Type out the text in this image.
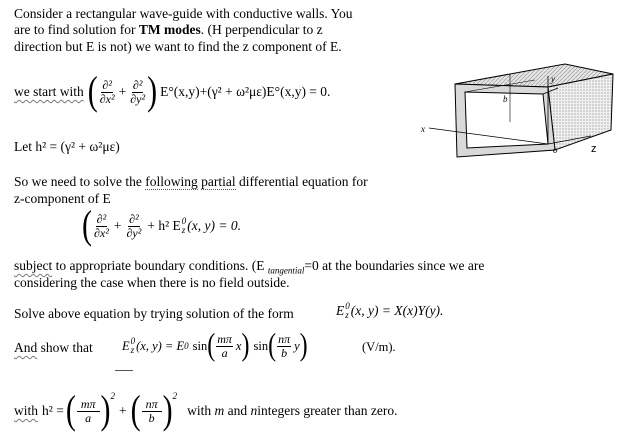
Consider a rectangular wave-guide with conductive walls. You
are to find solution for TM modes. (H perpendicular to z
direction but E is not) we want to find the z component of E.
we start with ( $\frac{\text{∂²}}{\text{∂x²}} + \frac{\text{∂²}}{\text{∂y²}}$ ) E°(x,y)+(γ² + ω²με)E°(x,y) = 0.
Let h² = (γ² + ω²με)
So we need to solve the following partial differential equation for
z-component of E
( $\frac{\text{∂²}}{\text{∂x²}} + \frac{\text{∂²}}{\text{∂y²}} + h^2$ E 0
z (x, y) = 0.
subject to appropriate boundary conditions. (E $_{tangential}$=0 at the boundaries since we are
considering the case when there is no field outside.
Solve above equation by trying solution of the form	E 0
z (x, y) = X(x)Y(y).
And show that E 0
z (x, y) = E 0 sin ( $\frac{m\pi}{a}$ x ) sin ( $\frac{n\pi}{b}$ y )	(V/m).
with h² = ( $\frac{m\pi}{a} )^2$
+ ( $\frac{n\pi}{b} )^2$
with m and nintegers greater than zero.
y
b
x
o	z
